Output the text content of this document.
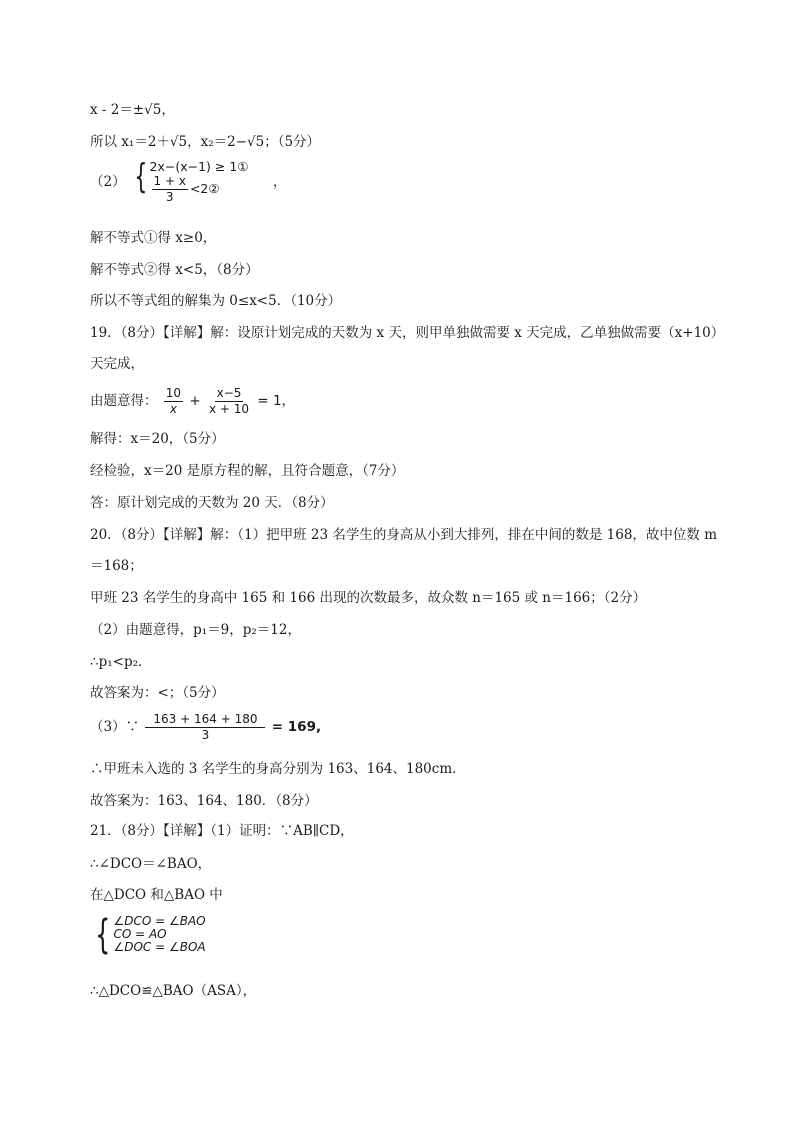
x - 2＝±√5，
所以 x₁＝2＋√5，x₂＝2−√5；（5分）
（2） { 2x−(x−1) ≥ 1①
$\frac{1 + x}{3}$ <2②	，
解不等式①得 x≥0，
解不等式②得 x<5，（8分）
所以不等式组的解集为 0≤x<5．（10分）
19．（8分）【详解】解：设原计划完成的天数为 x 天，则甲单独做需要 x 天完成，乙单独做需要（x+10）
天完成，
由题意得： $\frac{10}{x} + \frac{x-5}{x + 10} = 1$，
解得：x＝20，（5分）
经检验，x＝20 是原方程的解，且符合题意，（7分）
答：原计划完成的天数为 20 天．（8分）
20．（8分）【详解】解：（1）把甲班 23 名学生的身高从小到大排列，排在中间的数是 168，故中位数 m
＝168；
甲班 23 名学生的身高中 165 和 166 出现的次数最多，故众数 n＝165 或 n＝166；（2分）
（2）由题意得，p₁＝9，p₂＝12，
∴p₁<p₂．
故答案为：<；（5分）
（3）∵ $\frac{163 + 164 + 180}{3} = 169$,
∴甲班未入选的 3 名学生的身高分别为 163、164、180cm．
故答案为：163、164、180．（8分）
21．（8分）【详解】（1）证明：∵AB∥CD，
∴∠DCO＝∠BAO，
在△DCO 和△BAO 中
{ ∠DCO = ∠BAO
CO = AO
∠DOC = ∠BOA
∴△DCO≌△BAO（ASA），
